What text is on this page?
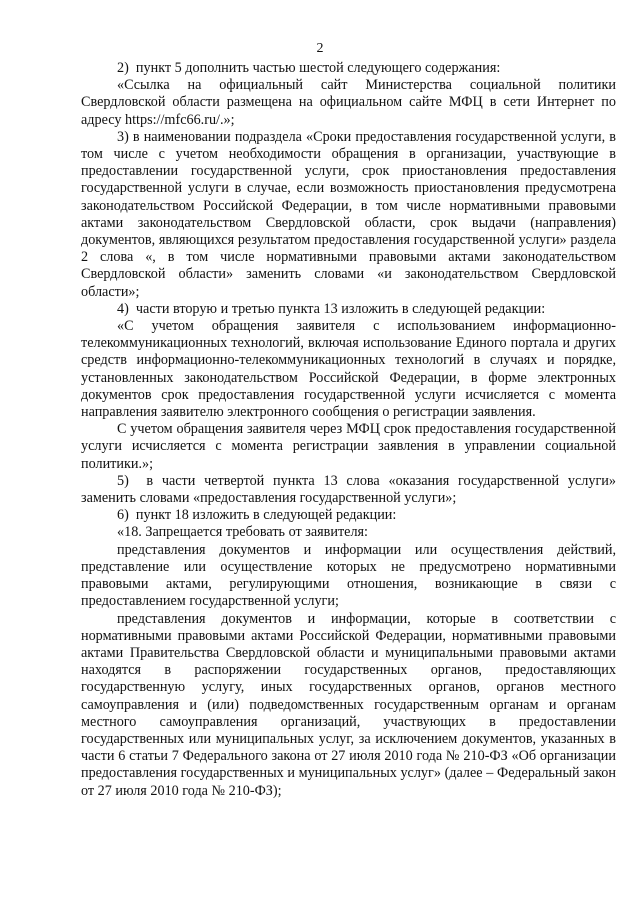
2

2)  пункт 5 дополнить частью шестой следующего содержания:

«Ссылка на официальный сайт Министерства социальной политики Свердловской области размещена на официальном сайте МФЦ в сети Интернет по адресу https://mfc66.ru/.»;

3) в наименовании подраздела «Сроки предоставления государственной услуги, в том числе с учетом необходимости обращения в организации, участвующие в предоставлении государственной услуги, срок приостановления предоставления государственной услуги в случае, если возможность приостановления предусмотрена законодательством Российской Федерации, в том числе нормативными правовыми актами законодательством Свердловской области, срок выдачи (направления) документов, являющихся результатом предоставления государственной услуги» раздела 2 слова «, в том числе нормативными правовыми актами законодательством Свердловской области» заменить словами «и законодательством Свердловской области»;

4)  части вторую и третью пункта 13 изложить в следующей редакции:

«С учетом обращения заявителя с использованием информационно-телекоммуникационных технологий, включая использование Единого портала и других средств информационно-телекоммуникационных технологий в случаях и порядке, установленных законодательством Российской Федерации, в форме электронных документов срок предоставления государственной услуги исчисляется с момента направления заявителю электронного сообщения о регистрации заявления.

С учетом обращения заявителя через МФЦ срок предоставления государственной услуги исчисляется с момента регистрации заявления в управлении социальной политики.»;

5)  в части четвертой пункта 13 слова «оказания государственной услуги» заменить словами «предоставления государственной услуги»;

6)  пункт 18 изложить в следующей редакции:

«18. Запрещается требовать от заявителя:

представления документов и информации или осуществления действий, представление или осуществление которых не предусмотрено нормативными правовыми актами, регулирующими отношения, возникающие в связи с предоставлением государственной услуги;

представления документов и информации, которые в соответствии с нормативными правовыми актами Российской Федерации, нормативными правовыми актами Правительства Свердловской области и муниципальными правовыми актами находятся в распоряжении государственных органов, предоставляющих государственную услугу, иных государственных органов, органов местного самоуправления и (или) подведомственных государственным органам и органам местного самоуправления организаций, участвующих в предоставлении государственных или муниципальных услуг, за исключением документов, указанных в части 6 статьи 7 Федерального закона от 27 июля 2010 года № 210-ФЗ «Об организации предоставления государственных и муниципальных услуг» (далее – Федеральный закон от 27 июля 2010 года № 210-ФЗ);
